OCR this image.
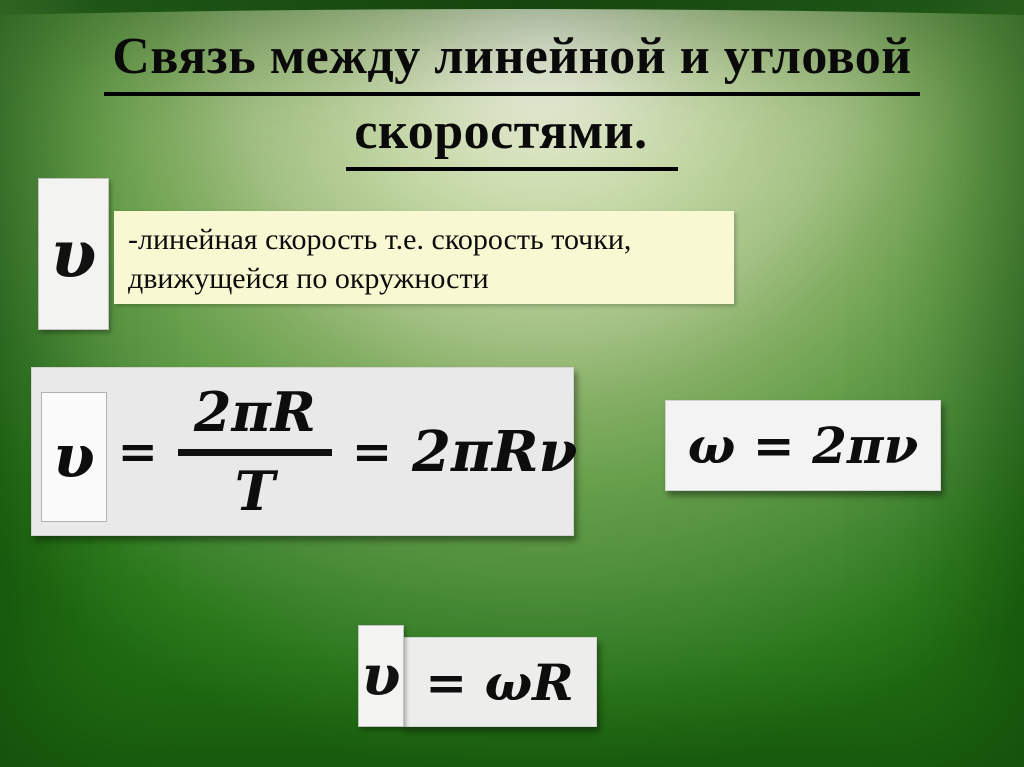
Связь между линейной и угловой
скоростями.
υ -линейная скорость т.е. скорость точки,
движущейся по окружности
$\upsilon = \frac{2\pi R}{T} = 2\pi R\nu$ ω = 2πν
υ = ωR
